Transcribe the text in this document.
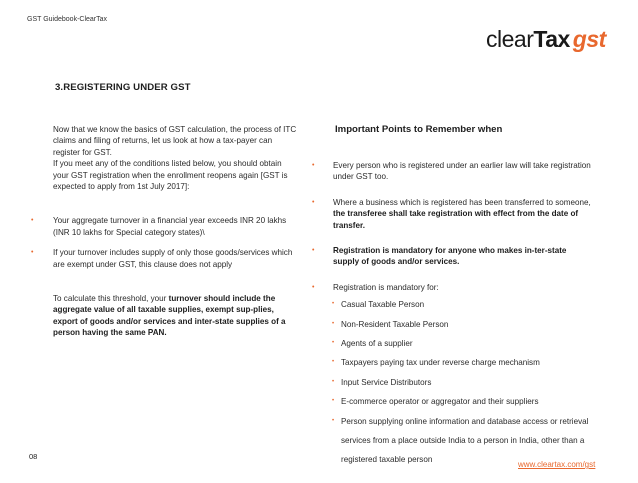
GST Guidebook-ClearTax
clearTax gst
3.REGISTERING UNDER GST

Now that we know the basics of GST calculation, the process of ITC claims and filing of returns, let us look at how a tax-payer can register for GST.

If you meet any of the conditions listed below, you should obtain your GST registration when the enrollment reopens again [GST is expected to apply from 1st July 2017]:

• Your aggregate turnover in a financial year exceeds INR 20 lakhs (INR 10 lakhs for Special category states)\
• If your turnover includes supply of only those goods/services which are exempt under GST, this clause does not apply

To calculate this threshold, your turnover should include the aggregate value of all taxable supplies, exempt sup-plies, export of goods and/or services and inter-state supplies of a person having the same PAN.

Important Points to Remember when
• Every person who is registered under an earlier law will take registration under GST too.
• Where a business which is registered has been transferred to someone, the transferee shall take registration with effect from the date of transfer.
• Registration is mandatory for anyone who makes in-ter-state supply of goods and/or services.
• Registration is mandatory for:
• Casual Taxable Person
• Non-Resident Taxable Person
• Agents of a supplier
• Taxpayers paying tax under reverse charge mechanism
• Input Service Distributors
• E-commerce operator or aggregator and their suppliers
• Person supplying online information and database access or retrieval services from a place outside India to a person in India, other than a registered taxable person
08
www.cleartax.com/gst
